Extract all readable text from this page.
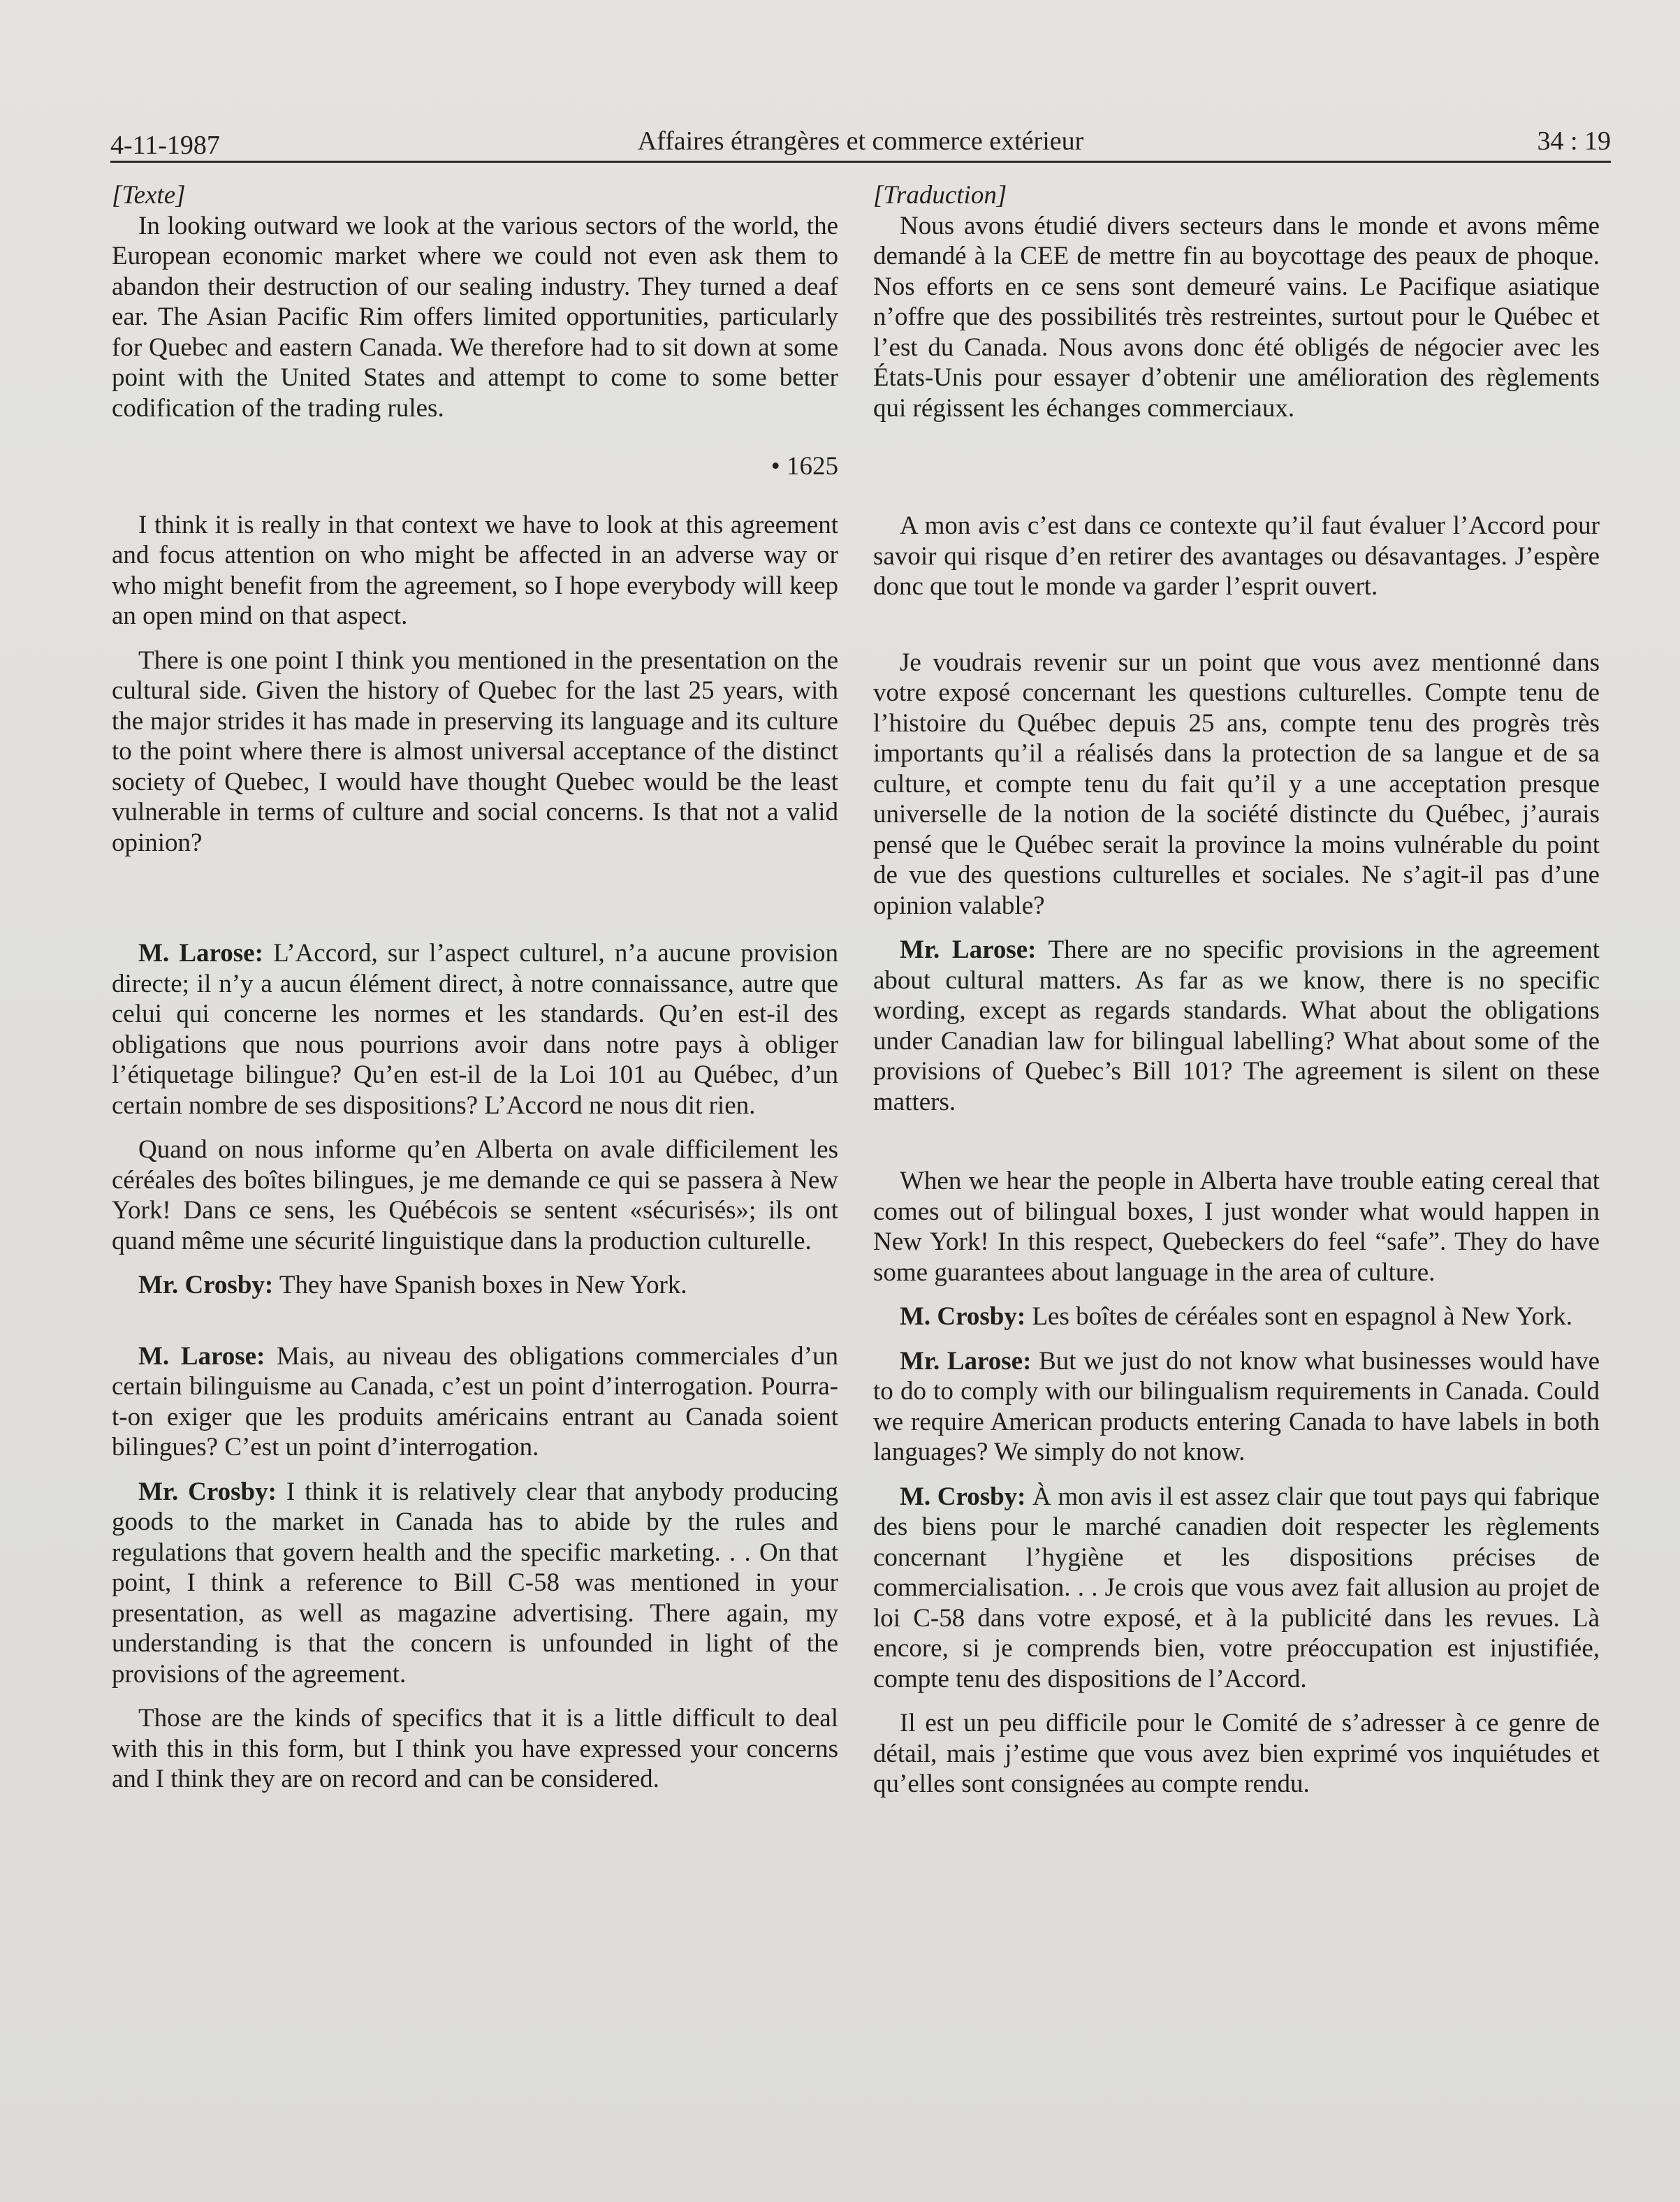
4-11-1987	Affaires étrangères et commerce extérieur	34 : 19

[Texte]

In looking outward we look at the various sectors of the world, the European economic market where we could not even ask them to abandon their destruction of our sealing industry. They turned a deaf ear. The Asian Pacific Rim offers limited opportunities, particularly for Quebec and eastern Canada. We therefore had to sit down at some point with the United States and attempt to come to some better codification of the trading rules.

• 1625

I think it is really in that context we have to look at this agreement and focus attention on who might be affected in an adverse way or who might benefit from the agreement, so I hope everybody will keep an open mind on that aspect.

There is one point I think you mentioned in the presentation on the cultural side. Given the history of Quebec for the last 25 years, with the major strides it has made in preserving its language and its culture to the point where there is almost universal acceptance of the distinct society of Quebec, I would have thought Quebec would be the least vulnerable in terms of culture and social concerns. Is that not a valid opinion?

M. Larose: L’Accord, sur l’aspect culturel, n’a aucune provision directe; il n’y a aucun élément direct, à notre connaissance, autre que celui qui concerne les normes et les standards. Qu’en est-il des obligations que nous pourrions avoir dans notre pays à obliger l’étiquetage bilingue? Qu’en est-il de la Loi 101 au Québec, d’un certain nombre de ses dispositions? L’Accord ne nous dit rien.

Quand on nous informe qu’en Alberta on avale difficilement les céréales des boîtes bilingues, je me demande ce qui se passera à New York! Dans ce sens, les Québécois se sentent «sécurisés»; ils ont quand même une sécurité linguistique dans la production culturelle.

Mr. Crosby: They have Spanish boxes in New York.

M. Larose: Mais, au niveau des obligations commerciales d’un certain bilinguisme au Canada, c’est un point d’interrogation. Pourra-t-on exiger que les produits américains entrant au Canada soient bilingues? C’est un point d’interrogation.

Mr. Crosby: I think it is relatively clear that anybody producing goods to the market in Canada has to abide by the rules and regulations that govern health and the specific marketing. . . On that point, I think a reference to Bill C-58 was mentioned in your presentation, as well as magazine advertising. There again, my understanding is that the concern is unfounded in light of the provisions of the agreement.

Those are the kinds of specifics that it is a little difficult to deal with this in this form, but I think you have expressed your concerns and I think they are on record and can be considered.

[Traduction]

Nous avons étudié divers secteurs dans le monde et avons même demandé à la CEE de mettre fin au boycottage des peaux de phoque. Nos efforts en ce sens sont demeuré vains. Le Pacifique asiatique n’offre que des possibilités très restreintes, surtout pour le Québec et l’est du Canada. Nous avons donc été obligés de négocier avec les États-Unis pour essayer d’obtenir une amélioration des règlements qui régissent les échanges commerciaux.

A mon avis c’est dans ce contexte qu’il faut évaluer l’Accord pour savoir qui risque d’en retirer des avantages ou désavantages. J’espère donc que tout le monde va garder l’esprit ouvert.

Je voudrais revenir sur un point que vous avez mentionné dans votre exposé concernant les questions culturelles. Compte tenu de l’histoire du Québec depuis 25 ans, compte tenu des progrès très importants qu’il a réalisés dans la protection de sa langue et de sa culture, et compte tenu du fait qu’il y a une acceptation presque universelle de la notion de la société distincte du Québec, j’aurais pensé que le Québec serait la province la moins vulnérable du point de vue des questions culturelles et sociales. Ne s’agit-il pas d’une opinion valable?

Mr. Larose: There are no specific provisions in the agreement about cultural matters. As far as we know, there is no specific wording, except as regards standards. What about the obligations under Canadian law for bilingual labelling? What about some of the provisions of Quebec’s Bill 101? The agreement is silent on these matters.

When we hear the people in Alberta have trouble eating cereal that comes out of bilingual boxes, I just wonder what would happen in New York! In this respect, Quebeckers do feel “safe”. They do have some guarantees about language in the area of culture.

M. Crosby: Les boîtes de céréales sont en espagnol à New York.

Mr. Larose: But we just do not know what businesses would have to do to comply with our bilingualism requirements in Canada. Could we require American products entering Canada to have labels in both languages? We simply do not know.

M. Crosby: À mon avis il est assez clair que tout pays qui fabrique des biens pour le marché canadien doit respecter les règlements concernant l’hygiène et les dispositions précises de commercialisation. . . Je crois que vous avez fait allusion au projet de loi C-58 dans votre exposé, et à la publicité dans les revues. Là encore, si je comprends bien, votre préoccupation est injustifiée, compte tenu des dispositions de l’Accord.

Il est un peu difficile pour le Comité de s’adresser à ce genre de détail, mais j’estime que vous avez bien exprimé vos inquiétudes et qu’elles sont consignées au compte rendu.
